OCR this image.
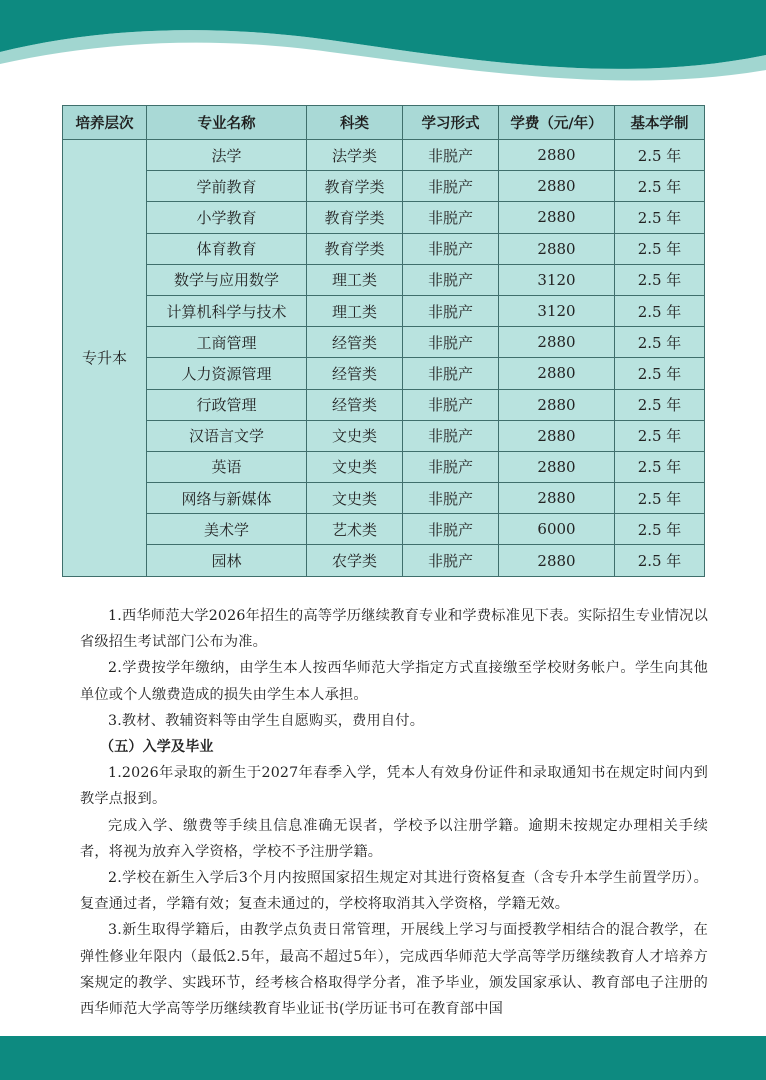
培养层次	专业名称	科类	学习形式	学费（元/年）	基本学制
专升本	法学	法学类	非脱产	2880	2.5 年
	学前教育	教育学类	非脱产	2880	2.5 年
	小学教育	教育学类	非脱产	2880	2.5 年
	体育教育	教育学类	非脱产	2880	2.5 年
	数学与应用数学	理工类	非脱产	3120	2.5 年
	计算机科学与技术	理工类	非脱产	3120	2.5 年
	工商管理	经管类	非脱产	2880	2.5 年
	人力资源管理	经管类	非脱产	2880	2.5 年
	行政管理	经管类	非脱产	2880	2.5 年
	汉语言文学	文史类	非脱产	2880	2.5 年
	英语	文史类	非脱产	2880	2.5 年
	网络与新媒体	文史类	非脱产	2880	2.5 年
	美术学	艺术类	非脱产	6000	2.5 年
	园林	农学类	非脱产	2880	2.5 年

1.西华师范大学2026年招生的高等学历继续教育专业和学费标准见下表。实际招生专业情况以省级招生考试部门公布为准。

2.学费按学年缴纳，由学生本人按西华师范大学指定方式直接缴至学校财务帐户。学生向其他单位或个人缴费造成的损失由学生本人承担。

3.教材、教辅资料等由学生自愿购买，费用自付。

（五）入学及毕业

1.2026年录取的新生于2027年春季入学，凭本人有效身份证件和录取通知书在规定时间内到教学点报到。

完成入学、缴费等手续且信息准确无误者，学校予以注册学籍。逾期未按规定办理相关手续者，将视为放弃入学资格，学校不予注册学籍。

2.学校在新生入学后3个月内按照国家招生规定对其进行资格复查（含专升本学生前置学历）。复查通过者，学籍有效；复查未通过的，学校将取消其入学资格，学籍无效。

3.新生取得学籍后，由教学点负责日常管理，开展线上学习与面授教学相结合的混合教学，在弹性修业年限内（最低2.5年，最高不超过5年），完成西华师范大学高等学历继续教育人才培养方案规定的教学、实践环节，经考核合格取得学分者，准予毕业，颁发国家承认、教育部电子注册的西华师范大学高等学历继续教育毕业证书(学历证书可在教育部中国
